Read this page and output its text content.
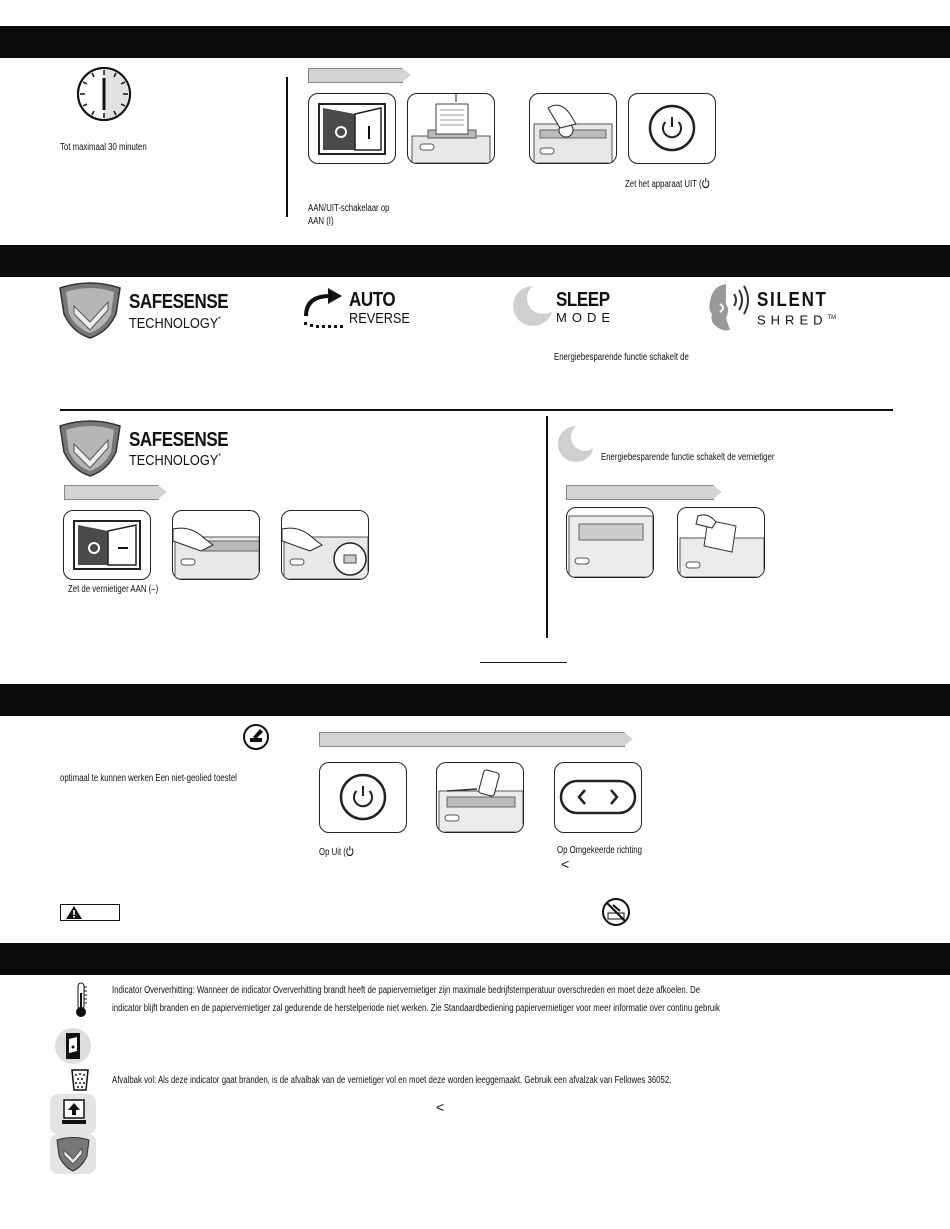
Tot maximaal 30 minuten
Zet het apparaat UIT (
AAN/UIT-schakelaar op
AAN (I)
SAFESENSE
TECHNOLOGY*
AUTO
REVERSE
SLEEP
MODE
SILENT
SHRED™
Energiebesparende functie schakelt de
SAFESENSE
TECHNOLOGY*
Zet de vernietiger AAN (–)
Energiebesparende functie schakelt de vernietiger
optimaal te kunnen werken Een niet-geolied toestel
Op Uit (	Op Omgekeerde richting
<
Indicator Oververhitting: Wanneer de indicator Oververhitting brandt heeft de papiervernietiger zijn maximale bedrijfstemperatuur overschreden en moet deze afkoelen. De
indicator blijft branden en de papiervernietiger zal gedurende de herstelperiode niet werken. Zie Standaardbediening papiervernietiger voor meer informatie over continu gebruik
Afvalbak vol: Als deze indicator gaat branden, is de afvalbak van de vernietiger vol en moet deze worden leeggemaakt. Gebruik een afvalzak van Fellowes 36052.
<
